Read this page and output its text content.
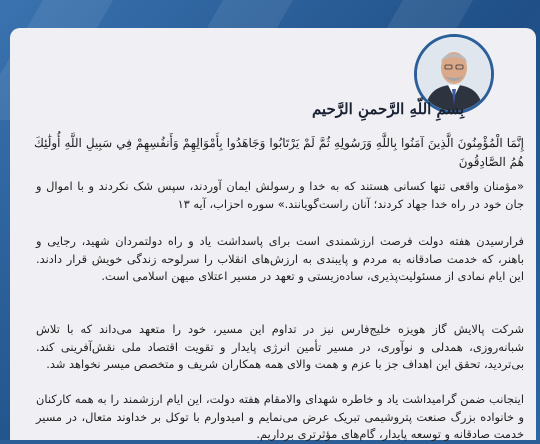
بِسمِ اللّهِ الرَّحمنِ الرَّحيم
إِنَّمَا الْمُؤْمِنُونَ الَّذِينَ آمَنُوا بِاللَّهِ وَرَسُولِهِ ثُمَّ لَمْ يَرْتَابُوا وَجَاهَدُوا بِأَمْوَالِهِمْ وَأَنفُسِهِمْ فِي سَبِيلِ اللَّهِ أُولَٰئِكَ هُمُ الصَّادِقُونَ
«مؤمنان واقعی تنها کسانی هستند که به خدا و رسولش ایمان آوردند، سپس شک نکردند و با اموال و جان خود در راه خدا جهاد کردند؛ آنان راست‌گویانند.» سوره احزاب، آیه ۱۳
فرارسیدن هفته دولت فرصت ارزشمندی است برای پاسداشت یاد و راه دولتمردان شهید، رجایی و باهنر، که خدمت صادقانه به مردم و پایبندی به ارزش‌های انقلاب را سرلوحه زندگی خویش قرار دادند. این ایام نمادی از مسئولیت‌پذیری، ساده‌زیستی و تعهد در مسیر اعتلای میهن اسلامی است.
شرکت پالایش گاز هویزه خلیج‌فارس نیز در تداوم این مسیر، خود را متعهد می‌داند که با تلاش شبانه‌روزی، همدلی و نوآوری، در مسیر تأمین انرژی پایدار و تقویت اقتصاد ملی نقش‌آفرینی کند. بی‌تردید، تحقق این اهداف جز با عزم و همت والای همه همکاران شریف و متخصص میسر نخواهد شد.
اینجانب ضمن گرامیداشت یاد و خاطره شهدای والامقام هفته دولت، این ایام ارزشمند را به همه کارکنان و خانواده بزرگ صنعت پتروشیمی تبریک عرض می‌نمایم و امیدوارم با توکل بر خداوند متعال، در مسیر خدمت صادقانه و توسعه پایدار، گام‌های مؤثرتری برداریم.
